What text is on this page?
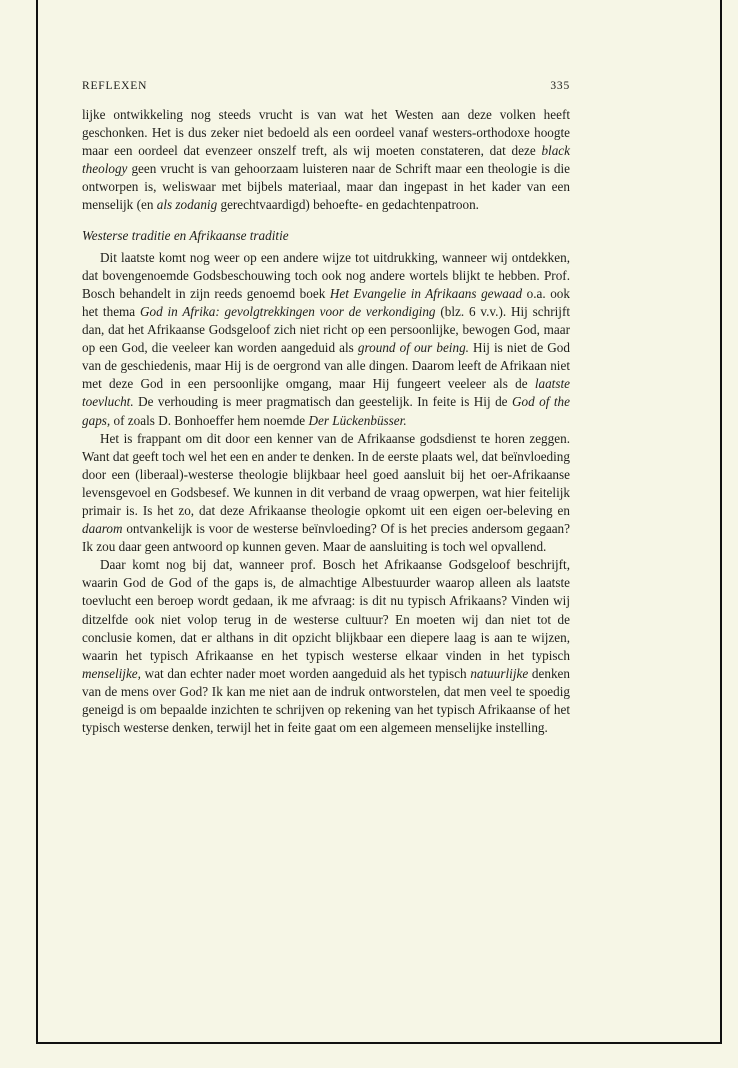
REFLEXEN	335

lijke ontwikkeling nog steeds vrucht is van wat het Westen aan deze volken heeft geschonken. Het is dus zeker niet bedoeld als een oordeel vanaf westers-orthodoxe hoogte maar een oordeel dat evenzeer onszelf treft, als wij moeten constateren, dat deze black theology geen vrucht is van gehoorzaam luisteren naar de Schrift maar een theologie is die ontworpen is, weliswaar met bijbels materiaal, maar dan ingepast in het kader van een menselijk (en als zodanig gerechtvaardigd) behoefte- en gedachtenpatroon.

Westerse traditie en Afrikaanse traditie

Dit laatste komt nog weer op een andere wijze tot uitdrukking, wanneer wij ontdekken, dat bovengenoemde Godsbeschouwing toch ook nog andere wortels blijkt te hebben. Prof. Bosch behandelt in zijn reeds genoemd boek Het Evangelie in Afrikaans gewaad o.a. ook het thema God in Afrika: gevolgtrekkingen voor de verkondiging (blz. 6 v.v.). Hij schrijft dan, dat het Afrikaanse Godsgeloof zich niet richt op een persoonlijke, bewogen God, maar op een God, die veeleer kan worden aangeduid als ground of our being. Hij is niet de God van de geschiedenis, maar Hij is de oergrond van alle dingen. Daarom leeft de Afrikaan niet met deze God in een persoonlijke omgang, maar Hij fungeert veeleer als de laatste toevlucht. De verhouding is meer pragmatisch dan geestelijk. In feite is Hij de God of the gaps, of zoals D. Bonhoeffer hem noemde Der Lückenbüsser.

Het is frappant om dit door een kenner van de Afrikaanse godsdienst te horen zeggen. Want dat geeft toch wel het een en ander te denken. In de eerste plaats wel, dat beïnvloeding door een (liberaal)-westerse theologie blijkbaar heel goed aansluit bij het oer-Afrikaanse levensgevoel en Godsbesef. We kunnen in dit verband de vraag opwerpen, wat hier feitelijk primair is. Is het zo, dat deze Afrikaanse theologie opkomt uit een eigen oer-beleving en daarom ontvankelijk is voor de westerse beïnvloeding? Of is het precies andersom gegaan? Ik zou daar geen antwoord op kunnen geven. Maar de aansluiting is toch wel opvallend.

Daar komt nog bij dat, wanneer prof. Bosch het Afrikaanse Godsgeloof beschrijft, waarin God de God of the gaps is, de almachtige Albestuurder waarop alleen als laatste toevlucht een beroep wordt gedaan, ik me afvraag: is dit nu typisch Afrikaans? Vinden wij ditzelfde ook niet volop terug in de westerse cultuur? En moeten wij dan niet tot de conclusie komen, dat er althans in dit opzicht blijkbaar een diepere laag is aan te wijzen, waarin het typisch Afrikaanse en het typisch westerse elkaar vinden in het typisch menselijke, wat dan echter nader moet worden aangeduid als het typisch natuurlijke denken van de mens over God? Ik kan me niet aan de indruk ontworstelen, dat men veel te spoedig geneigd is om bepaalde inzichten te schrijven op rekening van het typisch Afrikaanse of het typisch westerse denken, terwijl het in feite gaat om een algemeen menselijke instelling.
